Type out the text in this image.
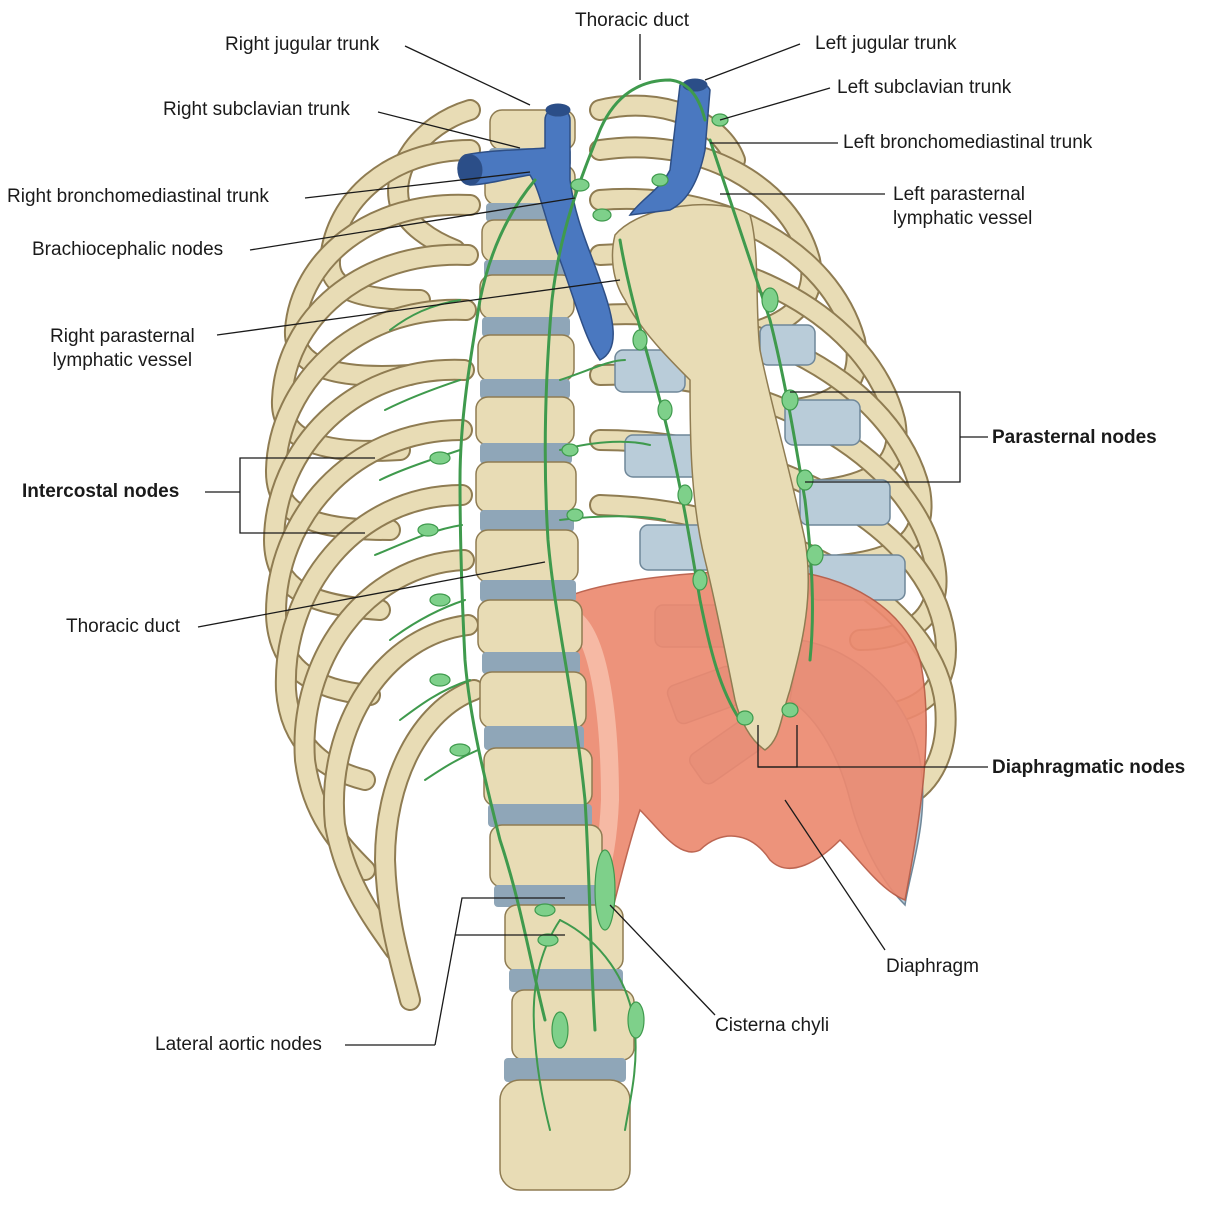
Thoracic duct
Right jugular trunk	Left jugular trunk
Right subclavian trunk
Left subclavian trunk
Left bronchomediastinal trunk
Right bronchomediastinal trunk	Left parasternal
lymphatic vessel
Brachiocephalic nodes
Right parasternal
lymphatic vessel
Parasternal nodes
Intercostal nodes
Thoracic duct
Diaphragmatic nodes
Diaphragm
Cisterna chyli
Lateral aortic nodes
